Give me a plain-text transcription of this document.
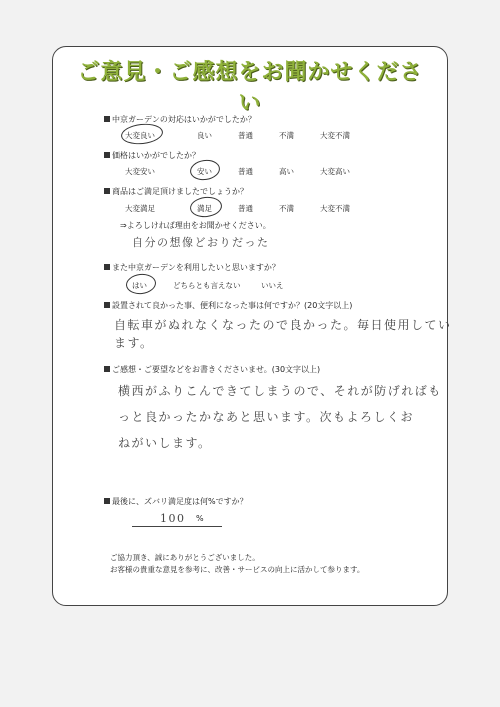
ご意見・ご感想をお聞かせください
中京ガーデンの対応はいかがでしたか？
大変良い	良い	普通	不満	大変不満
価格はいかがでしたか？
大変安い	安い	普通	高い	大変高い
商品はご満足頂けましたでしょうか？
大変満足	満足	普通	不満	大変不満
⇒よろしければ理由をお聞かせください。
自分の想像どおりだった
また中京ガーデンを利用したいと思いますか？
はい	どちらとも言えない	いいえ
設置されて良かった事、便利になった事は何ですか？(20文字以上)
自転車がぬれなくなったので良かった。毎日使用してい
ます。
ご感想・ご要望などをお書きくださいませ。(30文字以上)
横西がふりこんできてしまうので、それが防げればも
っと良かったかなあと思います。次もよろしくお
ねがいします。
最後に、ズバリ満足度は何%ですか？
100 %
ご協力頂き、誠にありがとうございました。
お客様の貴重な意見を参考に、改善・サービスの向上に活かして参ります。
